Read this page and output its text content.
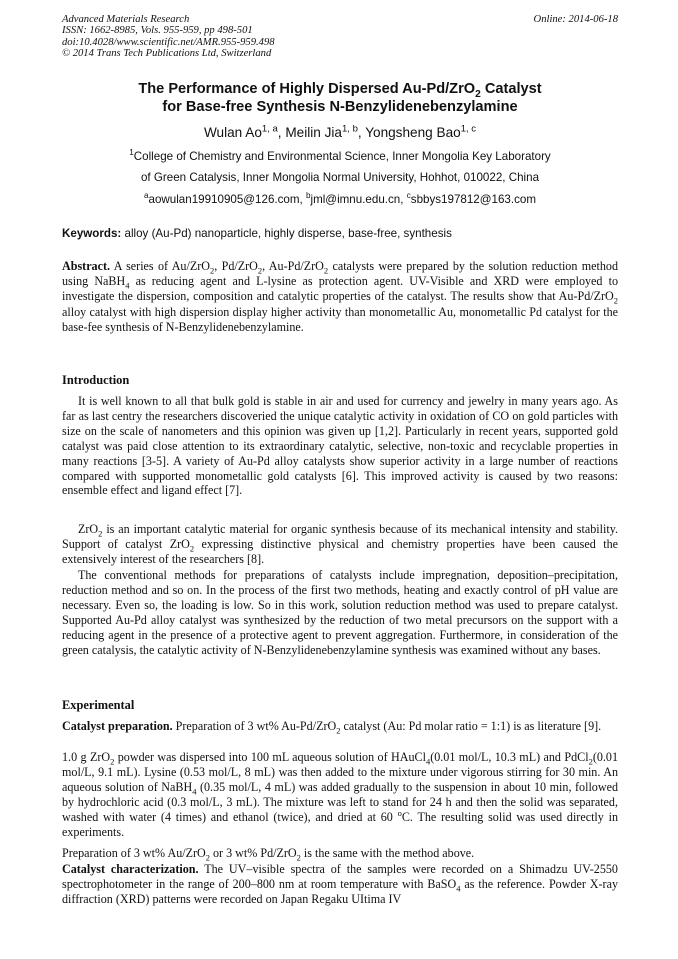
Advanced Materials Research
ISSN: 1662-8985, Vols. 955-959, pp 498-501
doi:10.4028/www.scientific.net/AMR.955-959.498
© 2014 Trans Tech Publications Ltd, Switzerland
Online: 2014-06-18
The Performance of Highly Dispersed Au-Pd/ZrO$_2$ Catalyst
for Base-free Synthesis N-Benzylidenebenzylamine
Wulan Ao$^{1, a}$, Meilin Jia$^{1, b}$, Yongsheng Bao$^{1, c}$
$^1$College of Chemistry and Environmental Science, Inner Mongolia Key Laboratory
of Green Catalysis, Inner Mongolia Normal University, Hohhot, 010022, China
$^a$aowulan19910905@126.com, $^b$jml@imnu.edu.cn, $^c$sbbys197812@163.com
Keywords: alloy (Au-Pd) nanoparticle, highly disperse, base-free, synthesis

Abstract. A series of Au/ZrO$_2$, Pd/ZrO$_2$, Au-Pd/ZrO$_2$ catalysts were prepared by the solution reduction method using NaBH$_4$ as reducing agent and L-lysine as protection agent. UV-Visible and XRD were employed to investigate the dispersion, composition and catalytic properties of the catalyst. The results show that Au-Pd/ZrO$_2$ alloy catalyst with high dispersion display higher activity than monometallic Au, monometallic Pd catalyst for the base-fee synthesis of N-Benzylidenebenzylamine.

Introduction

It is well known to all that bulk gold is stable in air and used for currency and jewelry in many years ago. As far as last centry the researchers discoveried the unique catalytic activity in oxidation of CO on gold particles with size on the scale of nanometers and this opinion was given up [1,2]. Particularly in recent years, supported gold catalyst was paid close attention to its extraordinary catalytic, selective, non-toxic and recyclable properties in many reactions [3-5]. A variety of Au-Pd alloy catalysts show superior activity in a large number of reactions compared with supported monometallic gold catalysts [6]. This improved activity is caused by two reasons: ensemble effect and ligand effect [7].

ZrO$_2$ is an important catalytic material for organic synthesis because of its mechanical intensity and stability. Support of catalyst ZrO$_2$ expressing distinctive physical and chemistry properties have been caused the extensively interest of the researchers [8].

The conventional methods for preparations of catalysts include impregnation, deposition–precipitation, reduction method and so on. In the process of the first two methods, heating and exactly control of pH value are necessary. Even so, the loading is low. So in this work, solution reduction method was used to prepare catalyst. Supported Au-Pd alloy catalyst was synthesized by the reduction of two metal precursors on the support with a reducing agent in the presence of a protective agent to prevent aggregation. Furthermore, in consideration of the green catalysis, the catalytic activity of N-Benzylidenebenzylamine synthesis was examined without any bases.

Experimental

Catalyst preparation. Preparation of 3 wt% Au-Pd/ZrO$_2$ catalyst (Au: Pd molar ratio = 1:1) is as literature [9].

1.0 g ZrO$_2$ powder was dispersed into 100 mL aqueous solution of HAuCl$_4$(0.01 mol/L, 10.3 mL) and PdCl$_2$(0.01 mol/L, 9.1 mL). Lysine (0.53 mol/L, 8 mL) was then added to the mixture under vigorous stirring for 30 min. An aqueous solution of NaBH$_4$ (0.35 mol/L, 4 mL) was added gradually to the suspension in about 10 min, followed by hydrochloric acid (0.3 mol/L, 3 mL). The mixture was left to stand for 24 h and then the solid was separated, washed with water (4 times) and ethanol (twice), and dried at 60 $^o$C. The resulting solid was used directly in experiments.

Preparation of 3 wt% Au/ZrO$_2$ or 3 wt% Pd/ZrO$_2$ is the same with the method above.

Catalyst characterization. The UV–visible spectra of the samples were recorded on a Shimadzu UV-2550 spectrophotometer in the range of 200–800 nm at room temperature with BaSO$_4$ as the reference. Powder X-ray diffraction (XRD) patterns were recorded on Japan Regaku UItima IV
